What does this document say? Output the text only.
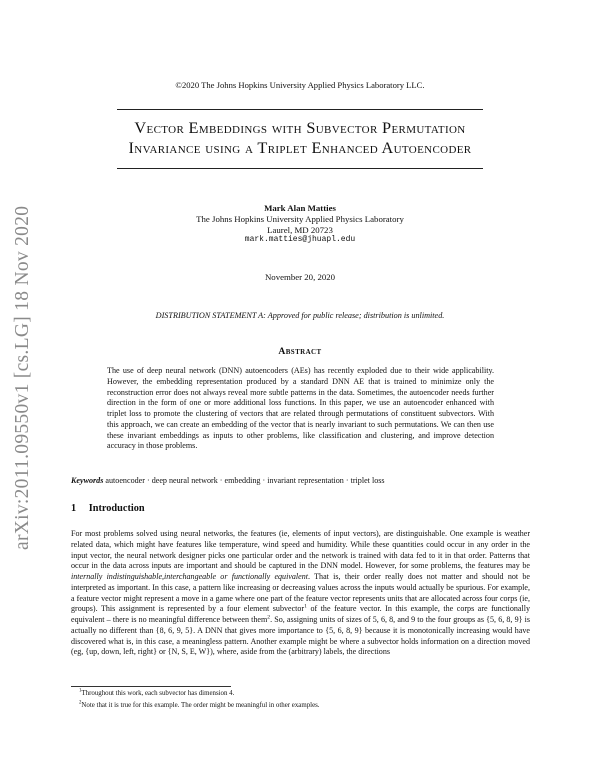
arXiv:2011.09550v1 [cs.LG] 18 Nov 2020
©2020 The Johns Hopkins University Applied Physics Laboratory LLC.
Vector Embeddings with Subvector Permutation
Invariance using a Triplet Enhanced Autoencoder
Mark Alan Matties
The Johns Hopkins University Applied Physics Laboratory
Laurel, MD 20723
mark.matties@jhuapl.edu
November 20, 2020
DISTRIBUTION STATEMENT A: Approved for public release; distribution is unlimited.
Abstract
The use of deep neural network (DNN) autoencoders (AEs) has recently exploded due to their wide applicability. However, the embedding representation produced by a standard DNN AE that is trained to minimize only the reconstruction error does not always reveal more subtle patterns in the data. Sometimes, the autoencoder needs further direction in the form of one or more additional loss functions. In this paper, we use an autoencoder enhanced with triplet loss to promote the clustering of vectors that are related through permutations of constituent subvectors. With this approach, we can create an embedding of the vector that is nearly invariant to such permutations. We can then use these invariant embeddings as inputs to other problems, like classification and clustering, and improve detection accuracy in those problems.
Keywords autoencoder · deep neural network · embedding · invariant representation · triplet loss
1 Introduction
For most problems solved using neural networks, the features (ie, elements of input vectors), are distinguishable. One example is weather related data, which might have features like temperature, wind speed and humidity. While these quantities could occur in any order in the input vector, the neural network designer picks one particular order and the network is trained with data fed to it in that order. Patterns that occur in the data across inputs are important and should be captured in the DNN model. However, for some problems, the features may be internally indistinguishable,interchangeable or functionally equivalent. That is, their order really does not matter and should not be interpreted as important. In this case, a pattern like increasing or decreasing values across the inputs would actually be spurious. For example, a feature vector might represent a move in a game where one part of the feature vector represents units that are allocated across four corps (ie, groups). This assignment is represented by a four element subvector$^1$ of the feature vector. In this example, the corps are functionally equivalent – there is no meaningful difference between them$^2$. So, assigning units of sizes of 5, 6, 8, and 9 to the four groups as {5, 6, 8, 9} is actually no different than {8, 6, 9, 5}. A DNN that gives more importance to {5, 6, 8, 9} because it is monotonically increasing would have discovered what is, in this case, a meaningless pattern. Another example might be where a subvector holds information on a direction moved (eg, {up, down, left, right} or {N, S, E, W}), where, aside from the (arbitrary) labels, the directions
$^1$Throughout this work, each subvector has dimension 4.
$^2$Note that it is true for this example. The order might be meaningful in other examples.
